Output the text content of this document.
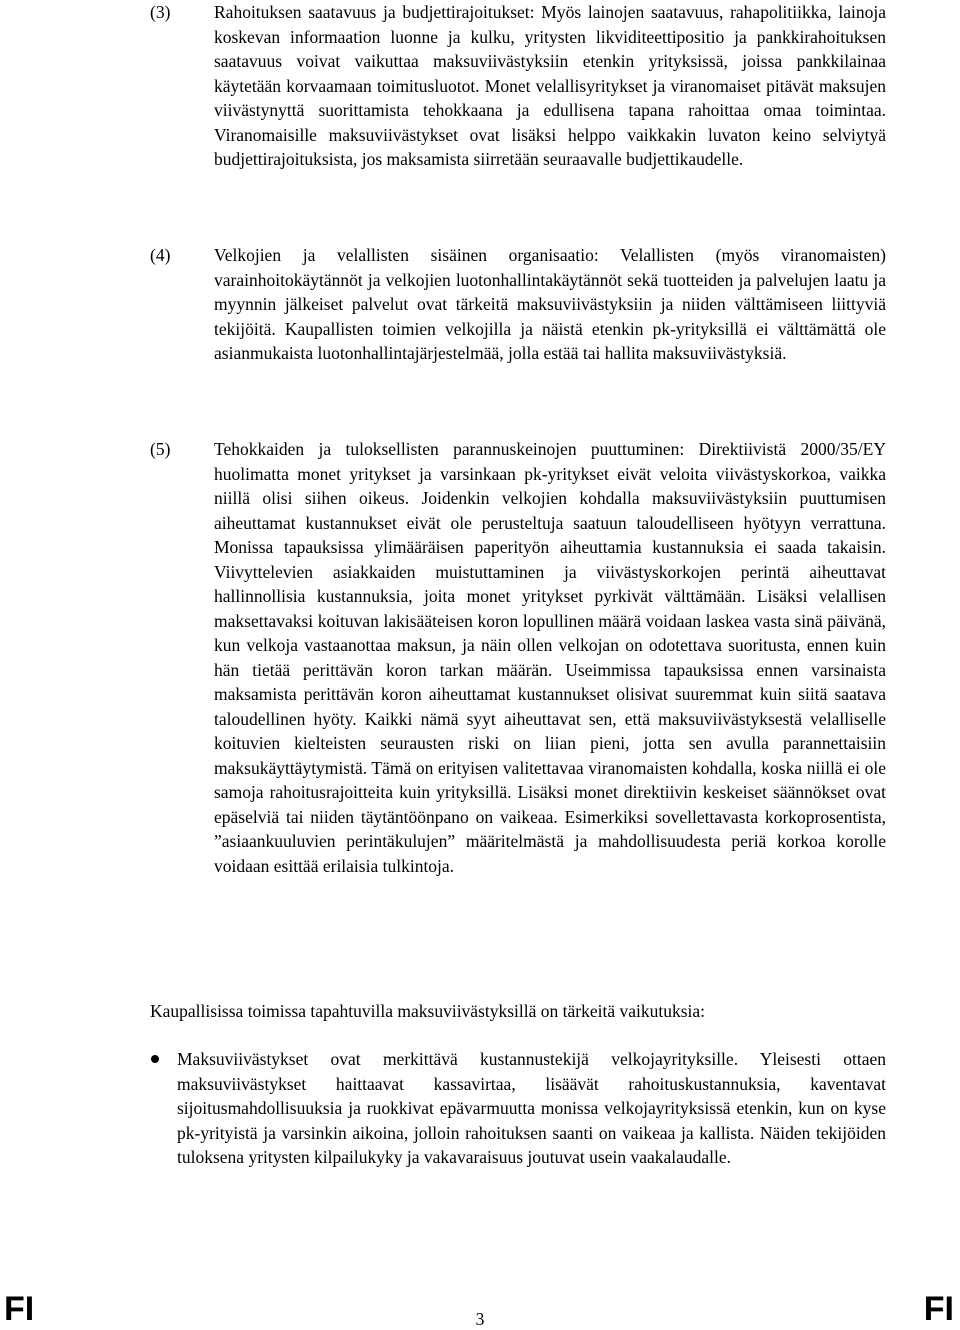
(3)	Rahoituksen saatavuus ja budjettirajoitukset: Myös lainojen saatavuus, rahapolitiikka, lainoja koskevan informaation luonne ja kulku, yritysten likviditeettipositio ja pankkirahoituksen saatavuus voivat vaikuttaa maksuviivästyksiin etenkin yrityksissä, joissa pankkilainaa käytetään korvaamaan toimitusluotot. Monet velallisyritykset ja viranomaiset pitävät maksujen viivästynyttä suorittamista tehokkaana ja edullisena tapana rahoittaa omaa toimintaa. Viranomaisille maksuviivästykset ovat lisäksi helppo vaikkakin luvaton keino selviytyä budjettirajoituksista, jos maksamista siirretään seuraavalle budjettikaudelle.
(4)	Velkojien ja velallisten sisäinen organisaatio: Velallisten (myös viranomaisten) varainhoitokäytännöt ja velkojien luotonhallintakäytännöt sekä tuotteiden ja palvelujen laatu ja myynnin jälkeiset palvelut ovat tärkeitä maksuviivästyksiin ja niiden välttämiseen liittyviä tekijöitä. Kaupallisten toimien velkojilla ja näistä etenkin pk-yrityksillä ei välttämättä ole asianmukaista luotonhallintajärjestelmää, jolla estää tai hallita maksuviivästyksiä.
(5)	Tehokkaiden ja tuloksellisten parannuskeinojen puuttuminen: Direktiivistä 2000/35/EY huolimatta monet yritykset ja varsinkaan pk-yritykset eivät veloita viivästyskorkoa, vaikka niillä olisi siihen oikeus. Joidenkin velkojien kohdalla maksuviivästyksiin puuttumisen aiheuttamat kustannukset eivät ole perusteltuja saatuun taloudelliseen hyötyyn verrattuna. Monissa tapauksissa ylimääräisen paperityön aiheuttamia kustannuksia ei saada takaisin. Viivyttelevien asiakkaiden muistuttaminen ja viivästyskorkojen perintä aiheuttavat hallinnollisia kustannuksia, joita monet yritykset pyrkivät välttämään. Lisäksi velallisen maksettavaksi koituvan lakisääteisen koron lopullinen määrä voidaan laskea vasta sinä päivänä, kun velkoja vastaanottaa maksun, ja näin ollen velkojan on odotettava suoritusta, ennen kuin hän tietää perittävän koron tarkan määrän. Useimmissa tapauksissa ennen varsinaista maksamista perittävän koron aiheuttamat kustannukset olisivat suuremmat kuin siitä saatava taloudellinen hyöty. Kaikki nämä syyt aiheuttavat sen, että maksuviivästyksestä velalliselle koituvien kielteisten seurausten riski on liian pieni, jotta sen avulla parannettaisiin maksukäyttäytymistä. Tämä on erityisen valitettavaa viranomaisten kohdalla, koska niillä ei ole samoja rahoitusrajoitteita kuin yrityksillä. Lisäksi monet direktiivin keskeiset säännökset ovat epäselviä tai niiden täytäntöönpano on vaikeaa. Esimerkiksi sovellettavasta korkoprosentista, ”asiaankuuluvien perintäkulujen” määritelmästä ja mahdollisuudesta periä korkoa korolle voidaan esittää erilaisia tulkintoja.
Kaupallisissa toimissa tapahtuvilla maksuviivästyksillä on tärkeitä vaikutuksia:
Maksuviivästykset ovat merkittävä kustannustekijä velkojayrityksille. Yleisesti ottaen maksuviivästykset haittaavat kassavirtaa, lisäävät rahoituskustannuksia, kaventavat sijoitusmahdollisuuksia ja ruokkivat epävarmuutta monissa velkojayrityksissä etenkin, kun on kyse pk-yrityistä ja varsinkin aikoina, jolloin rahoituksen saanti on vaikeaa ja kallista. Näiden tekijöiden tuloksena yritysten kilpailukyky ja vakavaraisuus joutuvat usein vaakalaudalle.
FI	3	FI
